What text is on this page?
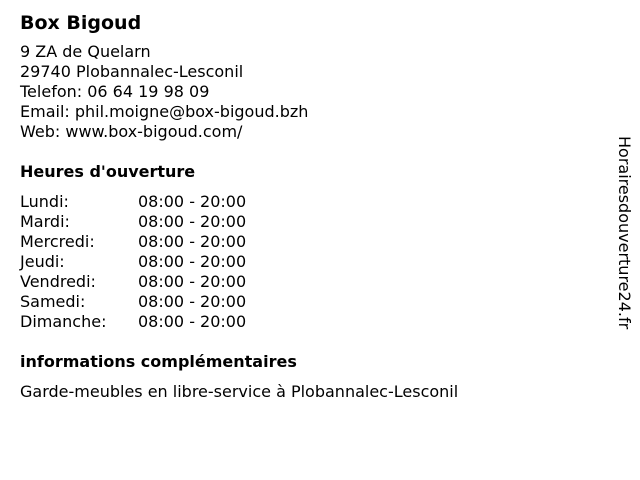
Box Bigoud
9 ZA de Quelarn
29740 Plobannalec-Lesconil
Telefon: 06 64 19 98 09
Email: phil.moigne@box-bigoud.bzh
Web: www.box-bigoud.com/
Heures d'ouverture
Lundi:	08:00 - 20:00
Mardi:	08:00 - 20:00
Mercredi:	08:00 - 20:00
Jeudi:	08:00 - 20:00
Vendredi:	08:00 - 20:00
Samedi:	08:00 - 20:00
Dimanche:	08:00 - 20:00
informations complémentaires
Garde-meubles en libre-service à Plobannalec-Lesconil
Horairesdouverture24.fr
